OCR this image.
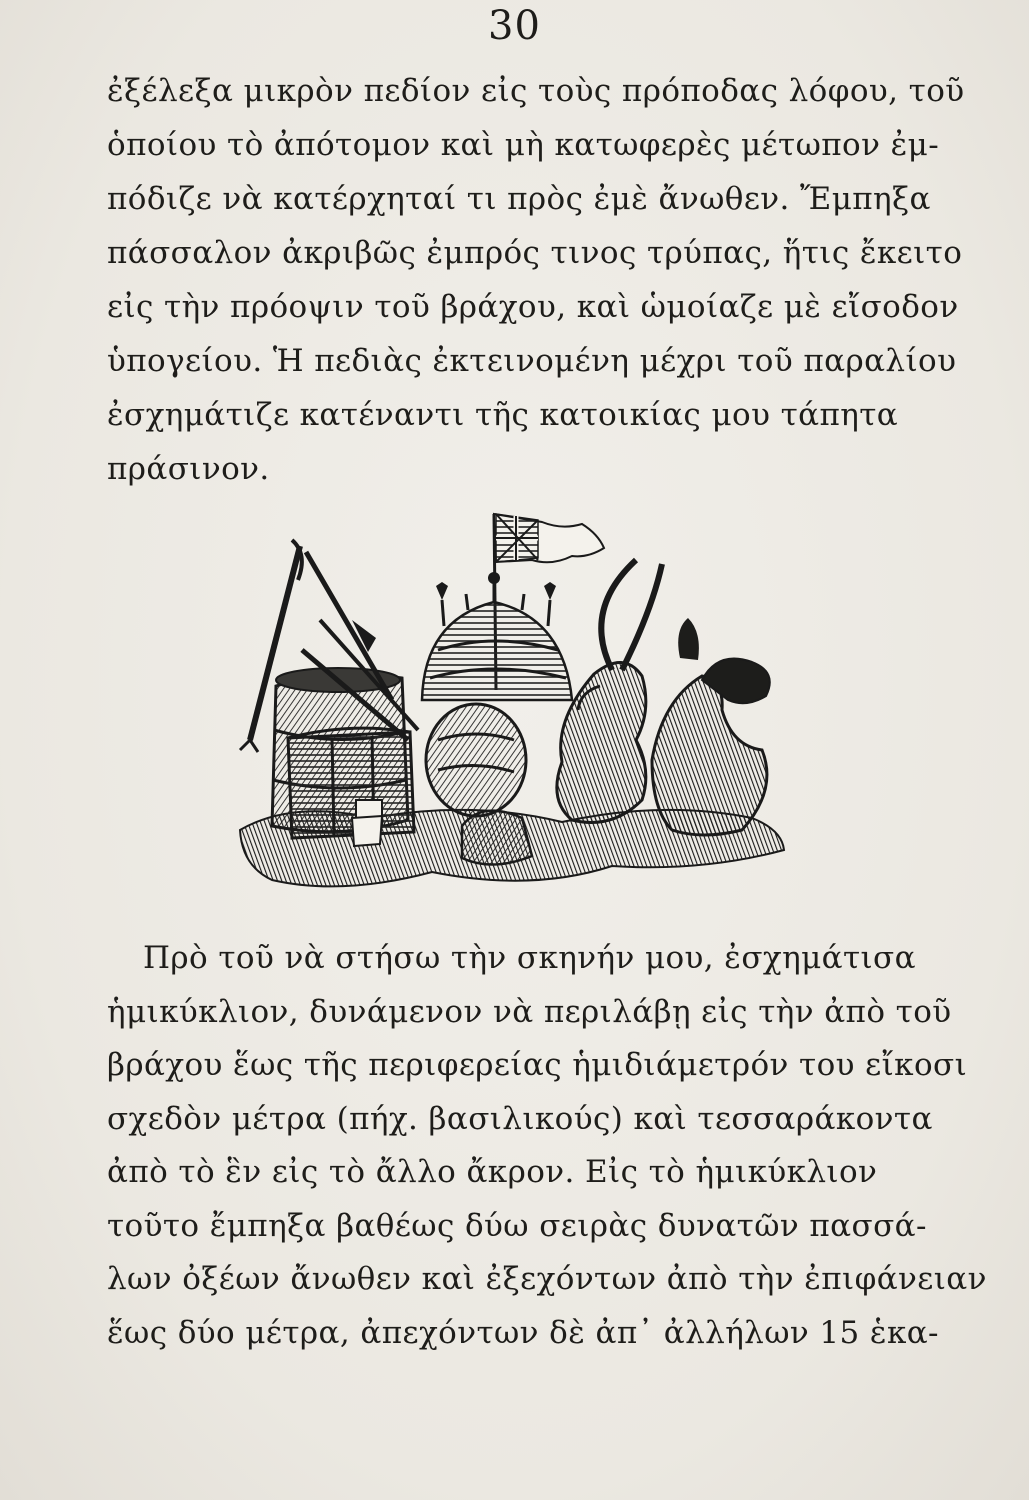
30
ἐξέλεξα μικρὸν πεδίον εἰς τοὺς πρόποδας λόφου, τοῦ
ὁποίου τὸ ἀπότομον καὶ μὴ κατωφερὲς μέτωπον ἐμ-
πόδιζε νὰ κατέρχηταί τι πρὸς ἐμὲ ἄνωθεν. Ἔμπηξα
πάσσαλον ἀκριβῶς ἐμπρός τινος τρύπας, ἥτις ἔκειτο
εἰς τὴν πρόοψιν τοῦ βράχου, καὶ ὡμοίαζε μὲ εἴσοδον
ὑπογείου. Ἡ πεδιὰς ἐκτεινομένη μέχρι τοῦ παραλίου
ἐσχημάτιζε κατέναντι τῆς κατοικίας μου τάπητα
πράσινον.
Πρὸ τοῦ νὰ στήσω τὴν σκηνήν μου, ἐσχημάτισα
ἡμικύκλιον, δυνάμενον νὰ περιλάβῃ εἰς τὴν ἀπὸ τοῦ
βράχου ἕως τῆς περιφερείας ἡμιδιάμετρόν του εἴκοσι
σχεδὸν μέτρα (πήχ. βασιλικούς) καὶ τεσσαράκοντα
ἀπὸ τὸ ἓν εἰς τὸ ἄλλο ἄκρον. Εἰς τὸ ἡμικύκλιον
τοῦτο ἔμπηξα βαθέως δύω σειρὰς δυνατῶν πασσά-
λων ὀξέων ἄνωθεν καὶ ἐξεχόντων ἀπὸ τὴν ἐπιφάνειαν
ἕως δύο μέτρα, ἀπεχόντων δὲ ἀπ᾽ ἀλλήλων 15 ἑκα-
